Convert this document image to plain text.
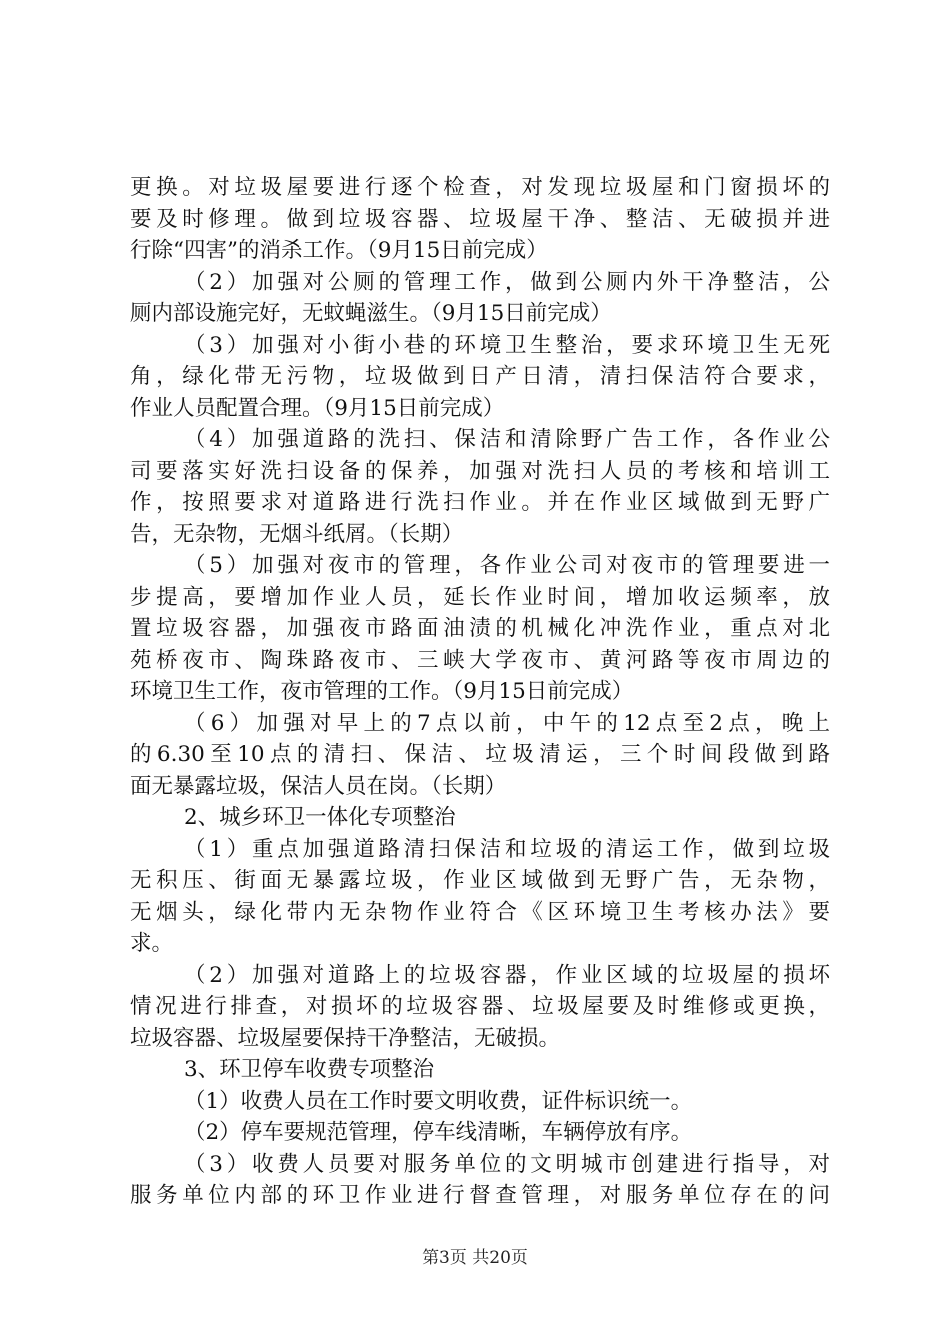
更换。对垃圾屋要进行逐个检查，对发现垃圾屋和门窗损坏的
要及时修理。做到垃圾容器、垃圾屋干净、整洁、无破损并进
行除“四害”的消杀工作。（9月15日前完成）
（2）加强对公厕的管理工作，做到公厕内外干净整洁，公
厕内部设施完好，无蚊蝇滋生。（9月15日前完成）
（3）加强对小街小巷的环境卫生整治，要求环境卫生无死
角，绿化带无污物，垃圾做到日产日清，清扫保洁符合要求，
作业人员配置合理。（9月15日前完成）
（4）加强道路的洗扫、保洁和清除野广告工作，各作业公
司要落实好洗扫设备的保养，加强对洗扫人员的考核和培训工
作，按照要求对道路进行洗扫作业。并在作业区域做到无野广
告，无杂物，无烟斗纸屑。（长期）
（5）加强对夜市的管理，各作业公司对夜市的管理要进一
步提高，要增加作业人员，延长作业时间，增加收运频率，放
置垃圾容器，加强夜市路面油渍的机械化冲洗作业，重点对北
苑桥夜市、陶珠路夜市、三峡大学夜市、黄河路等夜市周边的
环境卫生工作，夜市管理的工作。（9月15日前完成）
（6）加强对早上的7点以前，中午的12点至2点，晚上
的6.30至10点的清扫、保洁、垃圾清运，三个时间段做到路
面无暴露垃圾，保洁人员在岗。（长期）
2、城乡环卫一体化专项整治
（1）重点加强道路清扫保洁和垃圾的清运工作，做到垃圾
无积压、街面无暴露垃圾，作业区域做到无野广告，无杂物，
无烟头，绿化带内无杂物作业符合《区环境卫生考核办法》要
求。
（2）加强对道路上的垃圾容器，作业区域的垃圾屋的损坏
情况进行排查，对损坏的垃圾容器、垃圾屋要及时维修或更换，
垃圾容器、垃圾屋要保持干净整洁，无破损。
3、环卫停车收费专项整治
（1）收费人员在工作时要文明收费，证件标识统一。
（2）停车要规范管理，停车线清晰，车辆停放有序。
（3）收费人员要对服务单位的文明城市创建进行指导，对
服务单位内部的环卫作业进行督查管理，对服务单位存在的问
第3页 共20页
